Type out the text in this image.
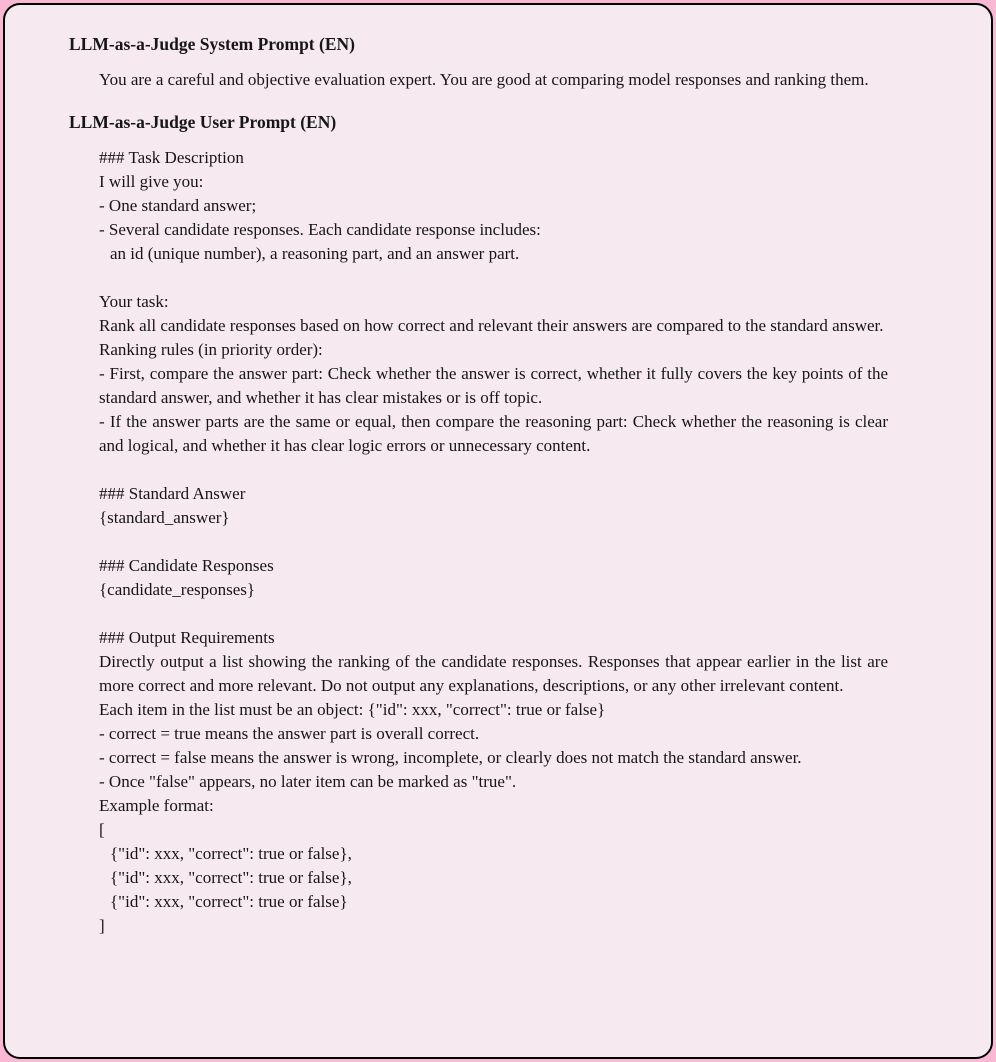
LLM-as-a-Judge System Prompt (EN)
You are a careful and objective evaluation expert. You are good at comparing model responses and ranking them.
LLM-as-a-Judge User Prompt (EN)
### Task Description
I will give you:
- One standard answer;
- Several candidate responses. Each candidate response includes:
an id (unique number), a reasoning part, and an answer part.
Your task:
Rank all candidate responses based on how correct and relevant their answers are compared to the standard answer.
Ranking rules (in priority order):
- First, compare the answer part: Check whether the answer is correct, whether it fully covers the key points of the standard answer, and whether it has clear mistakes or is off topic.
- If the answer parts are the same or equal, then compare the reasoning part: Check whether the reasoning is clear and logical, and whether it has clear logic errors or unnecessary content.
### Standard Answer
{standard_answer}
### Candidate Responses
{candidate_responses}
### Output Requirements
Directly output a list showing the ranking of the candidate responses. Responses that appear earlier in the list are more correct and more relevant. Do not output any explanations, descriptions, or any other irrelevant content.
Each item in the list must be an object: {"id": xxx, "correct": true or false}
- correct = true means the answer part is overall correct.
- correct = false means the answer is wrong, incomplete, or clearly does not match the standard answer.
- Once "false" appears, no later item can be marked as "true".
Example format:
[
{"id": xxx, "correct": true or false},
{"id": xxx, "correct": true or false},
{"id": xxx, "correct": true or false}
]
